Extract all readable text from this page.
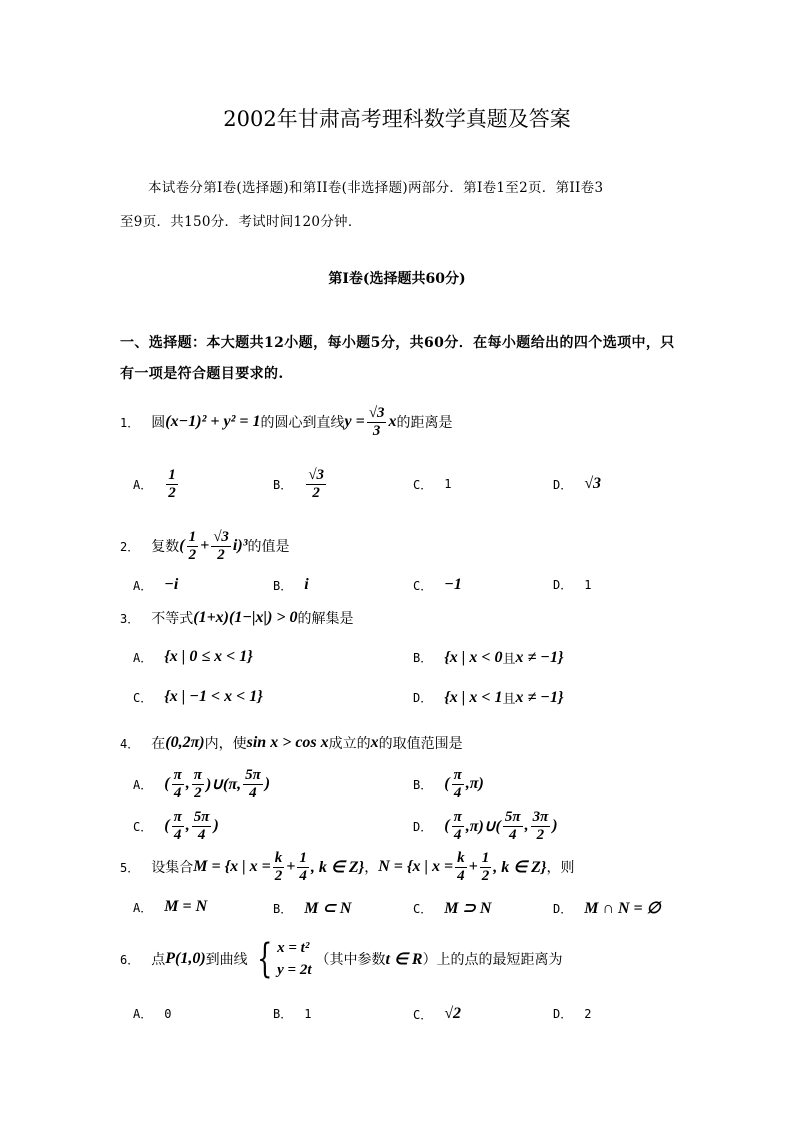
2002年甘肃高考理科数学真题及答案
本试卷分第Ⅰ卷(选择题)和第II卷(非选择题)两部分．第Ⅰ卷1至2页．第II卷3
至9页．共150分．考试时间120分钟．
第Ⅰ卷(选择题共60分)
一、选择题：本大题共12小题，每小题5分，共60分．在每小题给出的四个选项中，只
有一项是符合题目要求的.
1． 圆 (x−1)² + y² = 1 的圆心到直线 $y = \frac{√3}{3}$ x 的距离是
A． $\frac{1}{2}$	B． $\frac{√3}{2}$	C． 1	D． √3
2． 复数 ( $\frac{1}{2} + \frac{√3}{2} i)^3$ 的值是
A． −i	B． i	C． −1	D． 1
3． 不等式 (1+x)(1−|x|) > 0 的解集是
A． {x | 0 ≤ x < 1}	B． {x | x < 0 且 x ≠ −1}
C． {x | −1 < x < 1}	D． {x | x < 1 且 x ≠ −1}
4． 在 (0,2π) 内，使 sin x > cos x 成立的 x 的取值范围是
A． ( $\frac{\pi}{4}$ , $\frac{\pi}{2}$ )∪(π, $\frac{5\pi}{4}$ )	B． ( $\frac{\pi}{4} ,\pi$)
C． ( $\frac{\pi}{4}$ , $\frac{5\pi}{4}$ )	D． ( $\frac{\pi}{4}$ ,π)∪( $\frac{5\pi}{4}$ , $\frac{3\pi}{2}$ )
5． 设集合 M = {x | $x = \frac{k}{2} + \frac{1}{4}$ , k ∈ Z} ， N = {x | $x = \frac{k}{4} + \frac{1}{2}$ , k ∈ Z} ，则
A． M = N	B． M ⊂ N	C． M ⊃ N	D． M ∩ N = ∅
6． 点 P(1,0) 到曲线 { x = t²
y = 2t
（其中参数 t ∈ R ）上的点的最短距离为
A． 0	B． 1	C． √2	D． 2
